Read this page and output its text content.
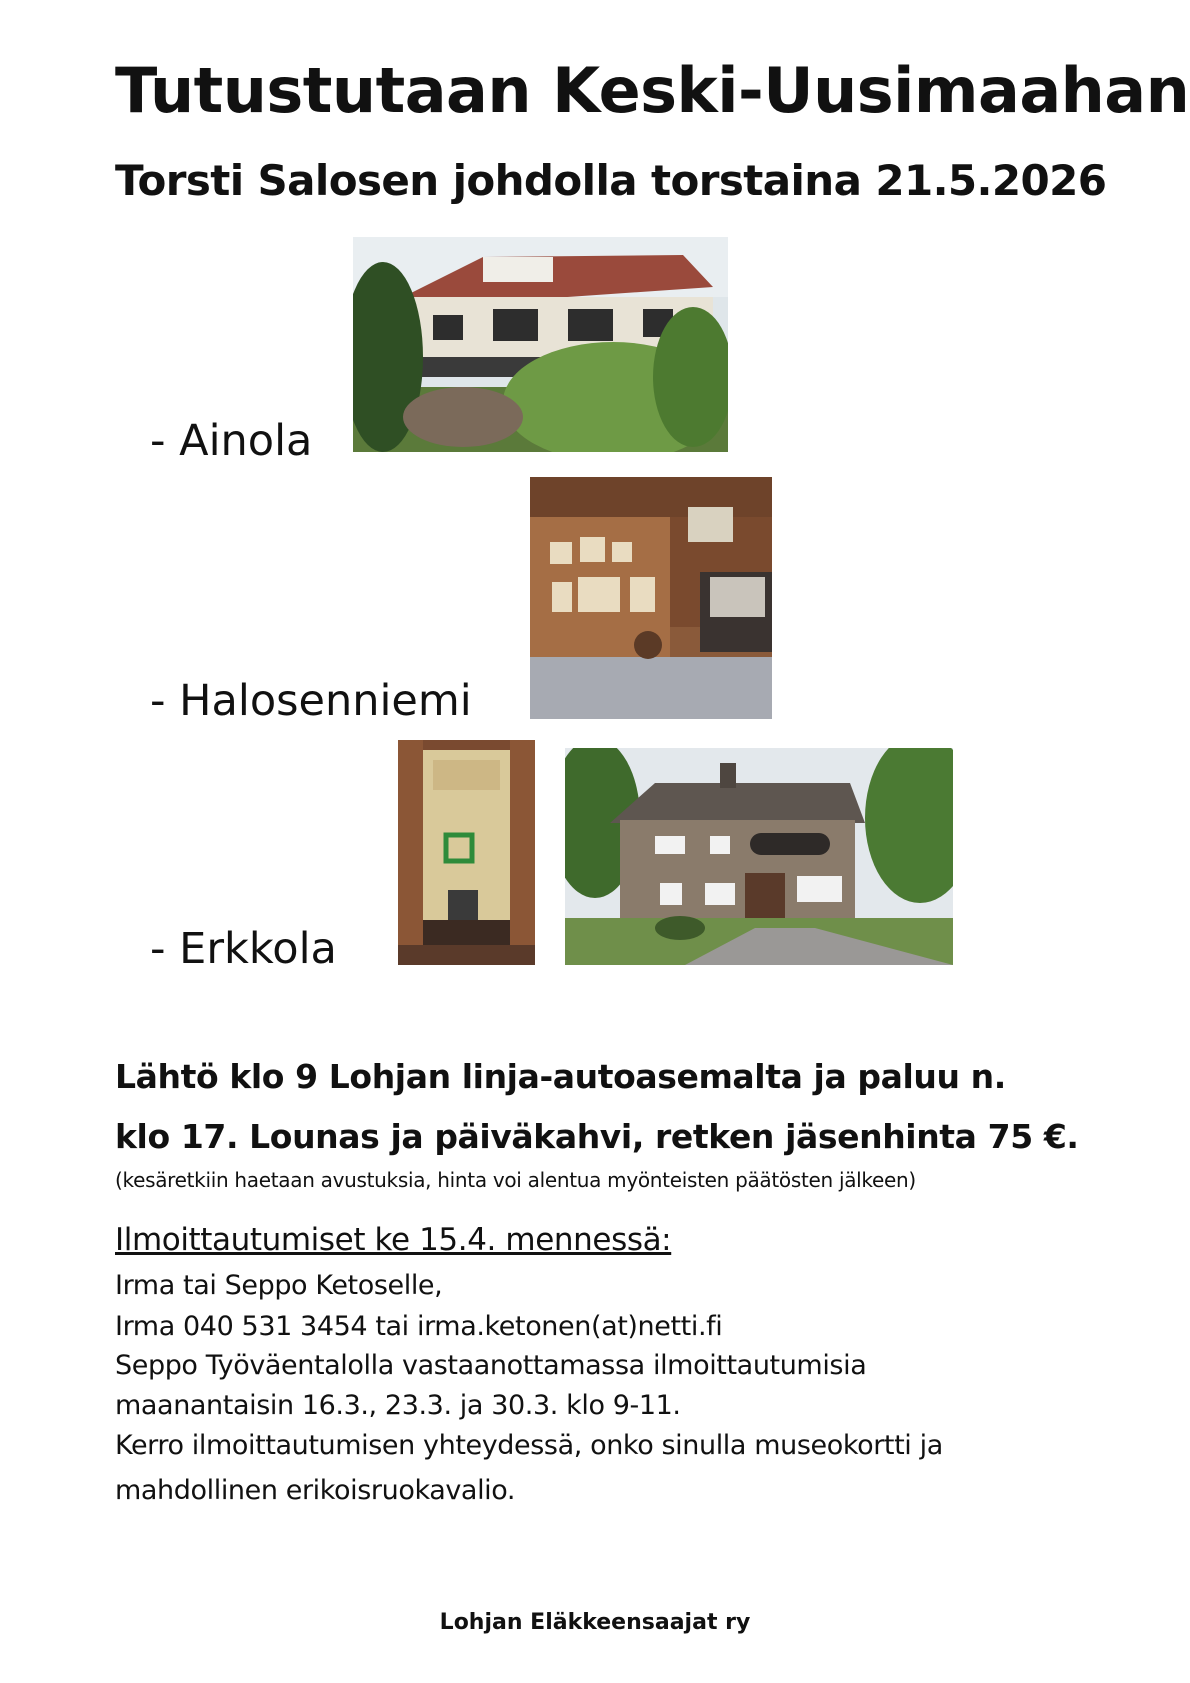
Tutustutaan Keski-Uusimaahan
Torsti Salosen johdolla torstaina 21.5.2026
- Ainola
- Halosenniemi
- Erkkola
Lähtö klo 9 Lohjan linja-autoasemalta ja paluu n.
klo 17. Lounas ja päiväkahvi, retken jäsenhinta 75 €.
(kesäretkiin haetaan avustuksia, hinta voi alentua myönteisten päätösten jälkeen)
Ilmoittautumiset ke 15.4. mennessä:
Irma tai Seppo Ketoselle,
Irma 040 531 3454 tai irma.ketonen(at)netti.fi
Seppo Työväentalolla vastaanottamassa ilmoittautumisia
maanantaisin 16.3., 23.3. ja 30.3. klo 9-11.
Kerro ilmoittautumisen yhteydessä, onko sinulla museokortti ja
mahdollinen erikoisruokavalio.
Lohjan Eläkkeensaajat ry
